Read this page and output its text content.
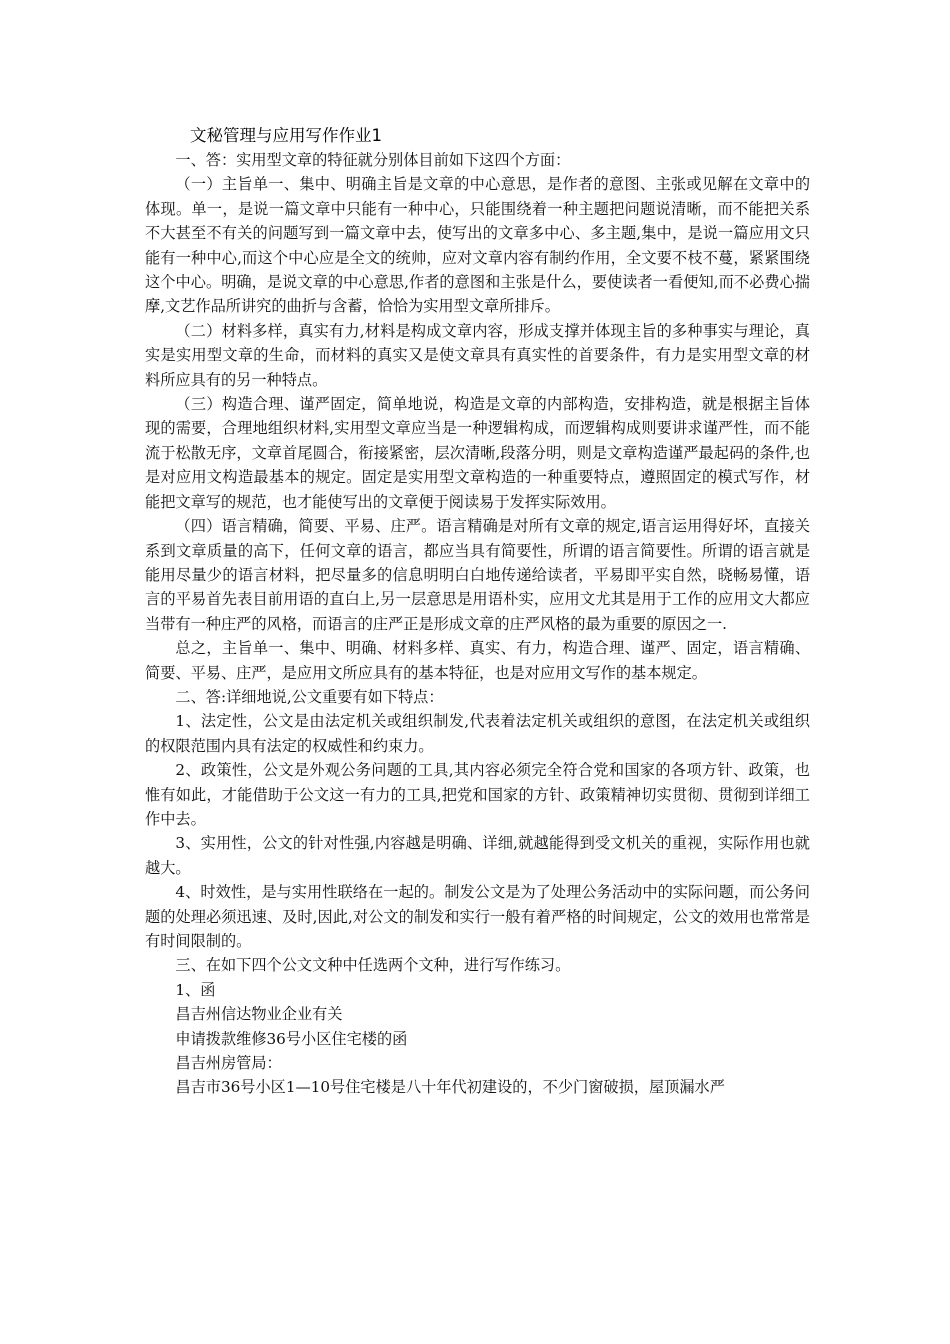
文秘管理与应用写作作业1

一、答：实用型文章的特征就分别体目前如下这四个方面：

（一）主旨单一、集中、明确主旨是文章的中心意思，是作者的意图、主张或见解在文章中的体现。单一，是说一篇文章中只能有一种中心，只能围绕着一种主题把问题说清晰，而不能把关系不大甚至不有关的问题写到一篇文章中去，使写出的文章多中心、多主题,集中，是说一篇应用文只能有一种中心,而这个中心应是全文的统帅，应对文章内容有制约作用，全文要不枝不蔓，紧紧围绕这个中心。明确，是说文章的中心意思,作者的意图和主张是什么，要使读者一看便知,而不必费心揣摩,文艺作品所讲究的曲折与含蓄，恰恰为实用型文章所排斥。

（二）材料多样，真实有力,材料是构成文章内容，形成支撑并体现主旨的多种事实与理论，真实是实用型文章的生命，而材料的真实又是使文章具有真实性的首要条件，有力是实用型文章的材料所应具有的另一种特点。

（三）构造合理、谨严固定，简单地说，构造是文章的内部构造，安排构造，就是根据主旨体现的需要，合理地组织材料,实用型文章应当是一种逻辑构成，而逻辑构成则要讲求谨严性，而不能流于松散无序，文章首尾圆合，衔接紧密，层次清晰,段落分明，则是文章构造谨严最起码的条件,也是对应用文构造最基本的规定。固定是实用型文章构造的一种重要特点，遵照固定的模式写作，材能把文章写的规范，也才能使写出的文章便于阅读易于发挥实际效用。

（四）语言精确，简要、平易、庄严。语言精确是对所有文章的规定,语言运用得好坏，直接关系到文章质量的高下，任何文章的语言，都应当具有简要性，所谓的语言简要性。所谓的语言就是能用尽量少的语言材料，把尽量多的信息明明白白地传递给读者，平易即平实自然，晓畅易懂，语言的平易首先表目前用语的直白上,另一层意思是用语朴实，应用文尤其是用于工作的应用文大都应当带有一种庄严的风格，而语言的庄严正是形成文章的庄严风格的最为重要的原因之一.

总之，主旨单一、集中、明确、材料多样、真实、有力，构造合理、谨严、固定，语言精确、简要、平易、庄严，是应用文所应具有的基本特征，也是对应用文写作的基本规定。

二、答:详细地说,公文重要有如下特点：

1、法定性，公文是由法定机关或组织制发,代表着法定机关或组织的意图，在法定机关或组织的权限范围内具有法定的权威性和约束力。

2、政策性，公文是外观公务问题的工具,其内容必须完全符合党和国家的各项方针、政策，也惟有如此，才能借助于公文这一有力的工具,把党和国家的方针、政策精神切实贯彻、贯彻到详细工作中去。

3、实用性，公文的针对性强,内容越是明确、详细,就越能得到受文机关的重视，实际作用也就越大。

4、时效性，是与实用性联络在一起的。制发公文是为了处理公务活动中的实际问题，而公务问题的处理必须迅速、及时,因此,对公文的制发和实行一般有着严格的时间规定，公文的效用也常常是有时间限制的。

三、在如下四个公文文种中任选两个文种，进行写作练习。

1、函

昌吉州信达物业企业有关

申请拨款维修36号小区住宅楼的函

昌吉州房管局：

昌吉市36号小区1—10号住宅楼是八十年代初建设的，不少门窗破损，屋顶漏水严
